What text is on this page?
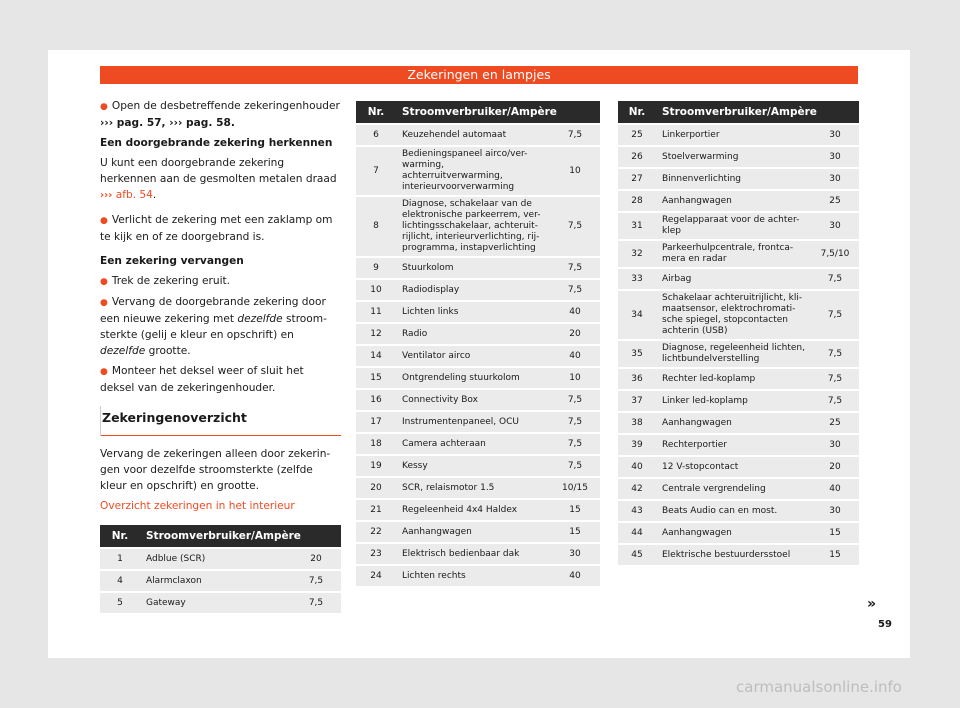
Zekeringen en lampjes

● Open de desbetreffende zekeringenhouder ››› pag. 57, ››› pag. 58.

Een doorgebrande zekering herkennen

U kunt een doorgebrande zekering herkennen aan de gesmolten metalen draad ››› afb. 54.

● Verlicht de zekering met een zaklamp om te kijk en of ze doorgebrand is.

Een zekering vervangen

● Trek de zekering eruit.

● Vervang de doorgebrande zekering door een nieuwe zekering met dezelfde stroom-sterkte (gelij e kleur en opschrift) en dezelfde grootte.

● Monteer het deksel weer of sluit het deksel van de zekeringenhouder.

Zekeringenoverzicht

Vervang de zekeringen alleen door zekerin-gen voor dezelfde stroomsterkte (zelfde kleur en opschrift) en grootte.

Overzicht zekeringen in het interieur

Nr.	Stroomverbruiker/Ampère	
1	Adblue (SCR)	20
4	Alarmclaxon	7,5
5	Gateway	7,5
Nr.	Stroomverbruiker/Ampère	
6	Keuzehendel automaat	7,5
7	Bedieningspaneel airco/ver-warming, achterruitverwarming, interieurvoorverwarming	10
8	Diagnose, schakelaar van de elektronische parkeerrem, ver-lichtingsschakelaar, achteruit-rijlicht, interieurverlichting, rij-programma, instapverlichting	7,5
9	Stuurkolom	7,5
10	Radiodisplay	7,5
11	Lichten links	40
12	Radio	20
14	Ventilator airco	40
15	Ontgrendeling stuurkolom	10
16	Connectivity Box	7,5
17	Instrumentenpaneel, OCU	7,5
18	Camera achteraan	7,5
19	Kessy	7,5
20	SCR, relaismotor 1.5	10/15
21	Regeleenheid 4x4 Haldex	15
22	Aanhangwagen	15
23	Elektrisch bedienbaar dak	30
24	Lichten rechts	40
Nr.	Stroomverbruiker/Ampère	
25	Linkerportier	30
26	Stoelverwarming	30
27	Binnenverlichting	30
28	Aanhangwagen	25
31	Regelapparaat voor de achter-klep	30
32	Parkeerhulpcentrale, frontca-mera en radar	7,5/10
33	Airbag	7,5
34	Schakelaar achteruitrijlicht, kli-maatsensor, elektrochromati-sche spiegel, stopcontacten achterin (USB)	7,5
35	Diagnose, regeleenheid lichten, lichtbundelverstelling	7,5
36	Rechter led-koplamp	7,5
37	Linker led-koplamp	7,5
38	Aanhangwagen	25
39	Rechterportier	30
40	12 V-stopcontact	20
42	Centrale vergrendeling	40
43	Beats Audio can en most.	30
44	Aanhangwagen	15
45	Elektrische bestuurdersstoel	15
»
59
carmanualsonline.info
